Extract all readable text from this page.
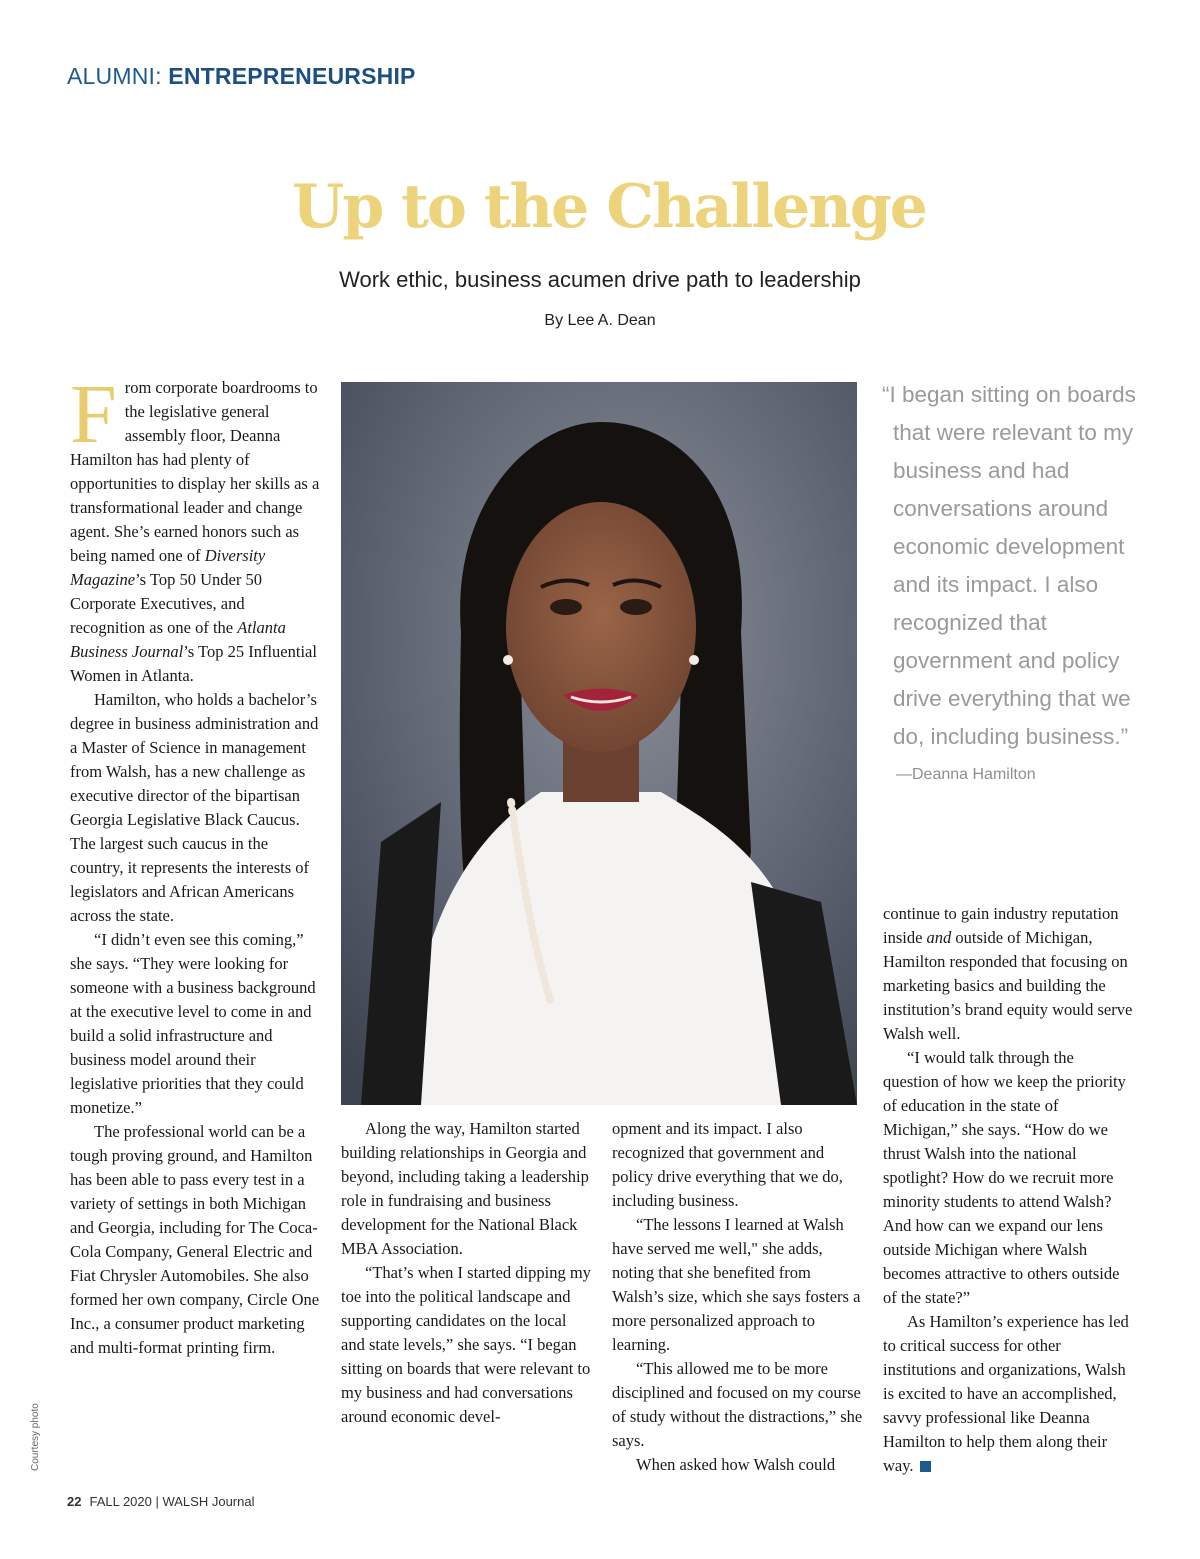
ALUMNI: ENTREPRENEURSHIP
Up to the Challenge
Work ethic, business acumen drive path to leadership
By Lee A. Dean

From corporate boardrooms to the legislative general assembly floor, Deanna Hamilton has had plenty of opportunities to display her skills as a transformational leader and change agent. She’s earned honors such as being named one of Diversity Magazine’s Top 50 Under 50 Corporate Executives, and recognition as one of the Atlanta Business Journal’s Top 25 Influential Women in Atlanta.

Hamilton, who holds a bachelor’s degree in business administration and a Master of Science in management from Walsh, has a new challenge as executive director of the bipartisan Georgia Legislative Black Caucus. The largest such caucus in the country, it represents the interests of legislators and African Americans across the state.

“I didn’t even see this coming,” she says. “They were looking for someone with a business background at the executive level to come in and build a solid infrastructure and business model around their legislative priorities that they could monetize.”

The professional world can be a tough proving ground, and Hamilton has been able to pass every test in a variety of settings in both Michigan and Georgia, including for The Coca-Cola Company, General Electric and Fiat Chrysler Automobiles. She also formed her own company, Circle One Inc., a consumer product marketing and multi-format printing firm.

“I began sitting on boards that were relevant to my business and had conversations around economic development and its impact. I also recognized that government and policy drive everything that we do, including business.”
—Deanna Hamilton

Along the way, Hamilton started building relationships in Georgia and beyond, including taking a leadership role in fundraising and business development for the National Black MBA Association.

“That’s when I started dipping my toe into the political landscape and supporting candidates on the local and state levels,” she says. “I began sitting on boards that were relevant to my business and had conversations around economic devel-

opment and its impact. I also recognized that government and policy drive everything that we do, including business.

“The lessons I learned at Walsh have served me well," she adds, noting that she benefited from Walsh’s size, which she says fosters a more personalized approach to learning.

“This allowed me to be more disciplined and focused on my course of study without the distractions,” she says.

When asked how Walsh could

continue to gain industry reputation inside and outside of Michigan, Hamilton responded that focusing on marketing basics and building the institution’s brand equity would serve Walsh well.

“I would talk through the question of how we keep the priority of education in the state of Michigan,” she says. “How do we thrust Walsh into the national spotlight? How do we recruit more minority students to attend Walsh? And how can we expand our lens outside Michigan where Walsh becomes attractive to others outside of the state?”

As Hamilton’s experience has led to critical success for other institutions and organizations, Walsh is excited to have an accomplished, savvy professional like Deanna Hamilton to help them along their way.

Courtesy photo
22 FALL 2020 | WALSH Journal
